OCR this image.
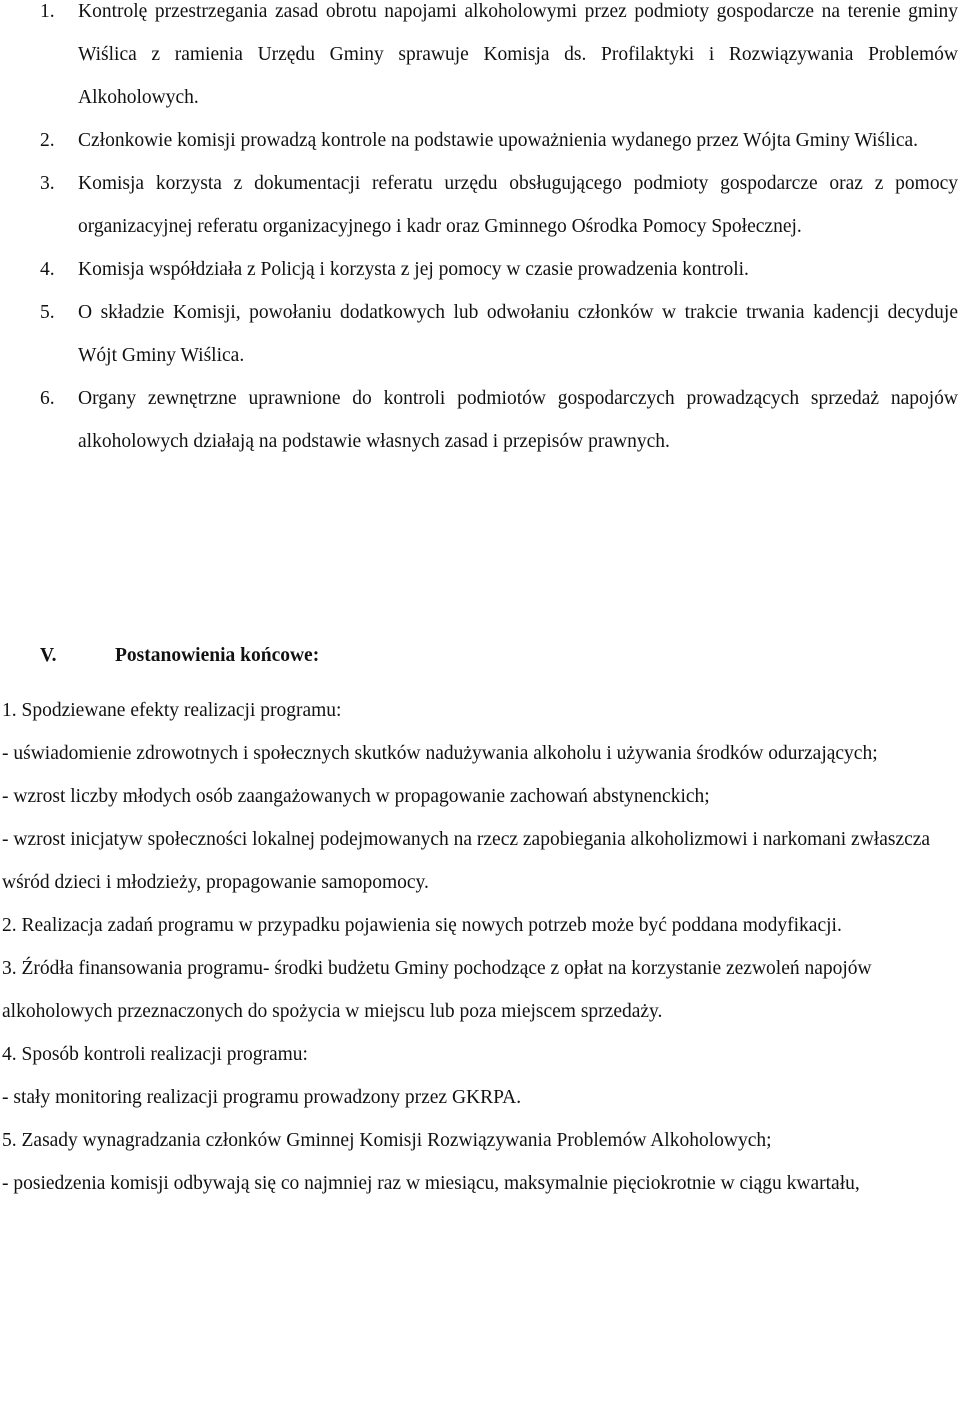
1. Kontrolę przestrzegania zasad obrotu napojami alkoholowymi przez podmioty gospodarcze na terenie gminy Wiślica z ramienia Urzędu Gminy sprawuje Komisja ds. Profilaktyki i Rozwiązywania Problemów Alkoholowych.
2. Członkowie komisji prowadzą kontrole na podstawie upoważnienia wydanego przez Wójta Gminy Wiślica.
3. Komisja korzysta z dokumentacji referatu urzędu obsługującego podmioty gospodarcze oraz z pomocy organizacyjnej referatu organizacyjnego i kadr oraz Gminnego Ośrodka Pomocy Społecznej.
4. Komisja współdziała z Policją i korzysta z jej pomocy w czasie prowadzenia kontroli.
5. O składzie Komisji, powołaniu dodatkowych lub odwołaniu członków w trakcie trwania kadencji decyduje Wójt Gminy Wiślica.
6. Organy zewnętrzne uprawnione do kontroli podmiotów gospodarczych prowadzących sprzedaż napojów alkoholowych działają na podstawie własnych zasad i przepisów prawnych.
V.	Postanowienia końcowe:

1. Spodziewane efekty realizacji programu:

- uświadomienie zdrowotnych i społecznych skutków nadużywania alkoholu i używania środków odurzających;

- wzrost liczby młodych osób zaangażowanych w propagowanie zachowań abstynenckich;

- wzrost inicjatyw społeczności lokalnej podejmowanych na rzecz zapobiegania alkoholizmowi i narkomani zwłaszcza wśród dzieci i młodzieży, propagowanie samopomocy.

2. Realizacja zadań programu w przypadku pojawienia się nowych potrzeb może być poddana modyfikacji.

3. Źródła finansowania programu- środki budżetu Gminy pochodzące z opłat na korzystanie zezwoleń napojów alkoholowych przeznaczonych do spożycia w miejscu lub poza miejscem sprzedaży.

4. Sposób kontroli realizacji programu:

- stały monitoring realizacji programu prowadzony przez GKRPA.

5. Zasady wynagradzania członków Gminnej Komisji Rozwiązywania Problemów Alkoholowych;

- posiedzenia komisji odbywają się co najmniej raz w miesiącu, maksymalnie pięciokrotnie w ciągu kwartału,
